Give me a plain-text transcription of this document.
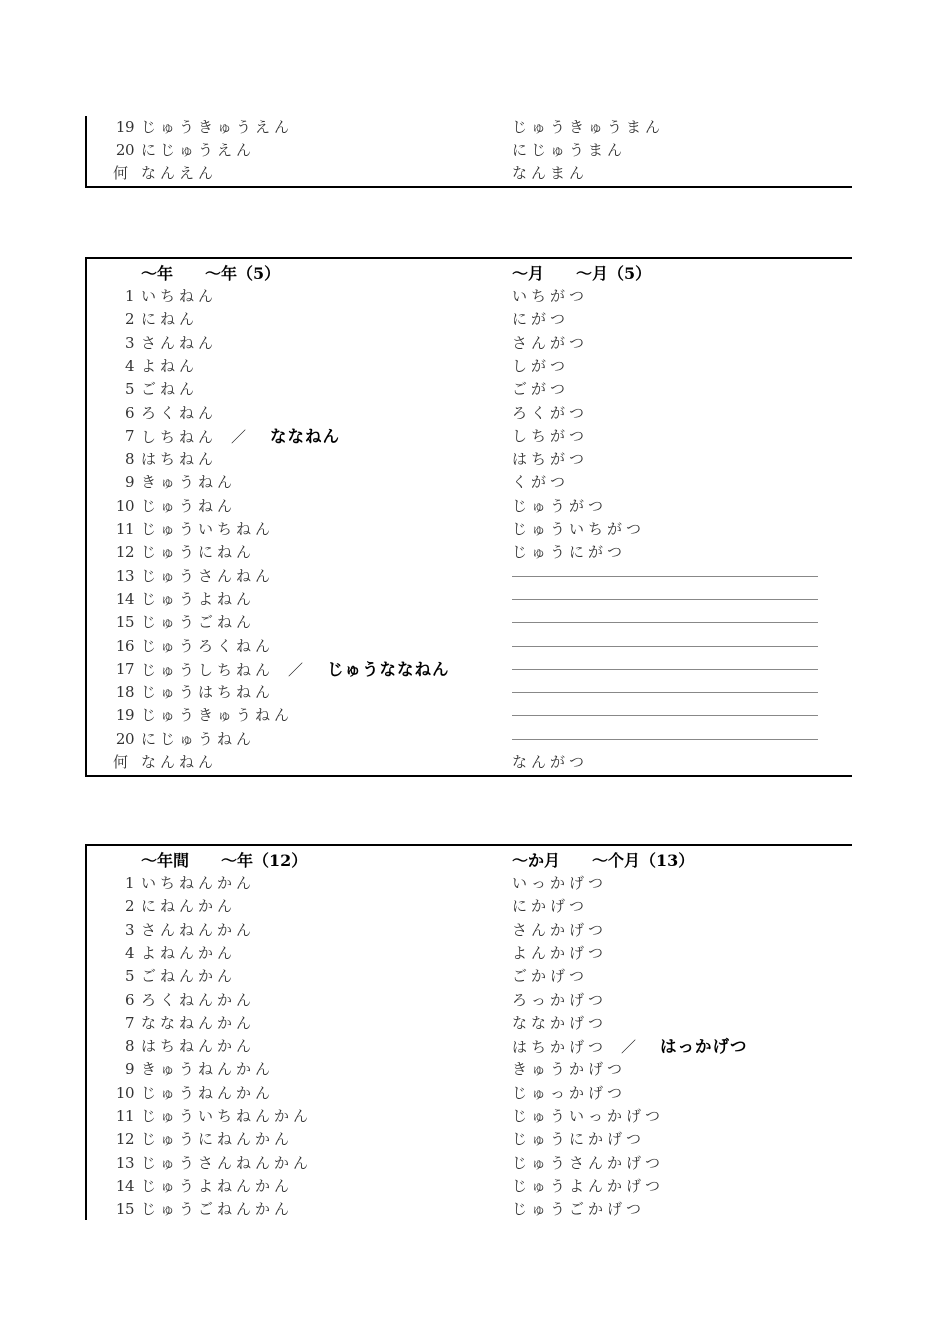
19 じゅうきゅうえん	じゅうきゅうまん
20 にじゅうえん	にじゅうまん
何 なんえん	なんまん
～年 ～年（5）	～月 ～月（5）
1 いちねん	いちがつ
2 にねん	にがつ
3 さんねん	さんがつ
4 よねん	しがつ
5 ごねん	ごがつ
6 ろくねん	ろくがつ
7 しちねん ／ ななねん	しちがつ
8 はちねん	はちがつ
9 きゅうねん	くがつ
10 じゅうねん	じゅうがつ
11 じゅういちねん	じゅういちがつ
12 じゅうにねん	じゅうにがつ
13 じゅうさんねん
14 じゅうよねん
15 じゅうごねん
16 じゅうろくねん
17 じゅうしちねん ／ じゅうななねん
18 じゅうはちねん
19 じゅうきゅうねん
20 にじゅうねん
何 なんねん	なんがつ
～年間 ～年（12）	～か月 ～个月（13）
1 いちねんかん	いっかげつ
2 にねんかん	にかげつ
3 さんねんかん	さんかげつ
4 よねんかん	よんかげつ
5 ごねんかん	ごかげつ
6 ろくねんかん	ろっかげつ
7 ななねんかん	ななかげつ
8 はちねんかん	はちかげつ ／ はっかげつ
9 きゅうねんかん	きゅうかげつ
10 じゅうねんかん	じゅっかげつ
11 じゅういちねんかん	じゅういっかげつ
12 じゅうにねんかん	じゅうにかげつ
13 じゅうさんねんかん	じゅうさんかげつ
14 じゅうよねんかん	じゅうよんかげつ
15 じゅうごねんかん	じゅうごかげつ
